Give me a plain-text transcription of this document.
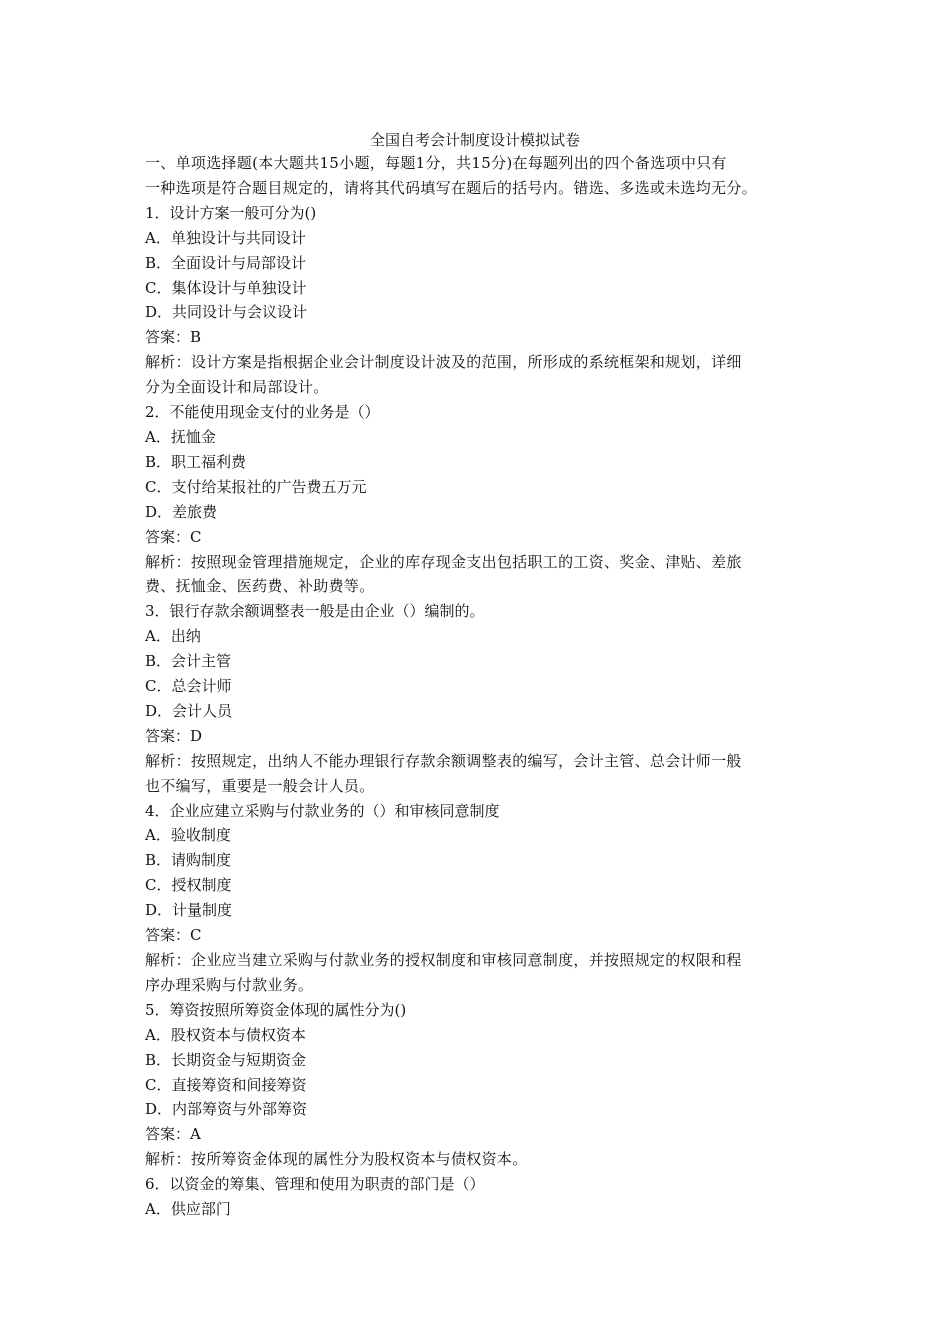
全国自考会计制度设计模拟试卷

一、单项选择题(本大题共15小题，每题1分，共15分)在每题列出的四个备选项中只有

一种选项是符合题目规定的，请将其代码填写在题后的括号内。错选、多选或未选均无分。

1．设计方案一般可分为()

A．单独设计与共同设计

B．全面设计与局部设计

C．集体设计与单独设计

D．共同设计与会议设计

答案：B

解析：设计方案是指根据企业会计制度设计波及的范围，所形成的系统框架和规划，详细

分为全面设计和局部设计。

2．不能使用现金支付的业务是（）

A．抚恤金

B．职工福利费

C．支付给某报社的广告费五万元

D．差旅费

答案：C

解析：按照现金管理措施规定，企业的库存现金支出包括职工的工资、奖金、津贴、差旅

费、抚恤金、医药费、补助费等。

3．银行存款余额调整表一般是由企业（）编制的。

A．出纳

B．会计主管

C．总会计师

D．会计人员

答案：D

解析：按照规定，出纳人不能办理银行存款余额调整表的编写，会计主管、总会计师一般

也不编写，重要是一般会计人员。

4．企业应建立采购与付款业务的（）和审核同意制度

A．验收制度

B．请购制度

C．授权制度

D．计量制度

答案：C

解析：企业应当建立采购与付款业务的授权制度和审核同意制度，并按照规定的权限和程

序办理采购与付款业务。

5．筹资按照所筹资金体现的属性分为()

A．股权资本与债权资本

B．长期资金与短期资金

C．直接筹资和间接筹资

D．内部筹资与外部筹资

答案：A

解析：按所筹资金体现的属性分为股权资本与债权资本。

6．以资金的筹集、管理和使用为职责的部门是（）

A．供应部门
